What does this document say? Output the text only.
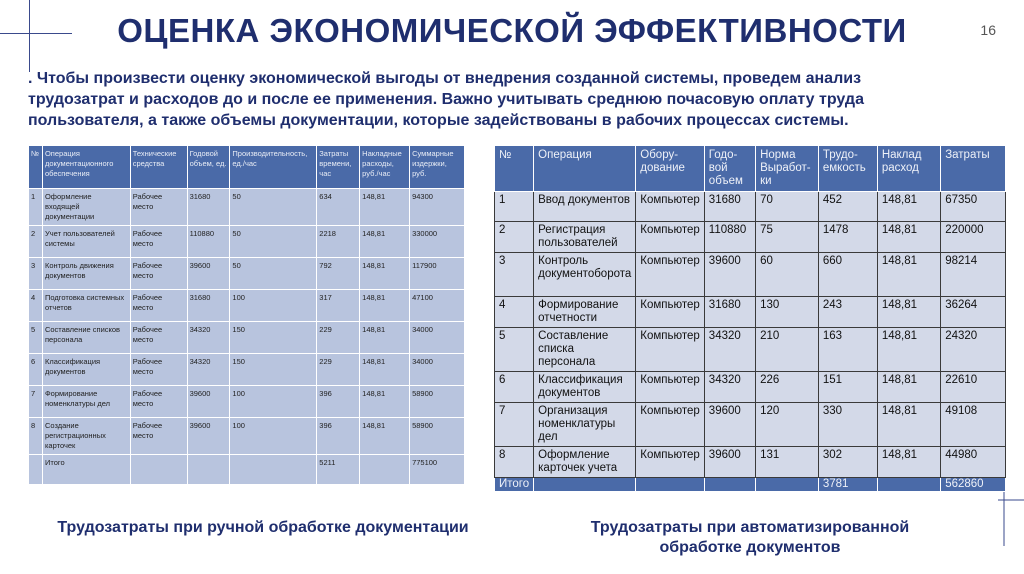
ОЦЕНКА ЭКОНОМИЧЕСКОЙ ЭФФЕКТИВНОСТИ	16
. Чтобы произвести оценку экономической выгоды от внедрения созданной системы, проведем анализ трудозатрат и расходов до и после ее применения. Важно учитывать среднюю почасовую оплату труда пользователя, а также объемы документации, которые задействованы в рабочих процессах системы.
№	Операция документационного обеспечения	Технические средства	Годовой объем, ед.	Производительность, ед./час	Затраты времени, час	Накладные расходы, руб./час	Суммарные издержки, руб.
1	Оформление входящей документации	Рабочее место	31680	50	634	148,81	94300
2	Учет пользователей системы	Рабочее место	110880	50	2218	148,81	330000
3	Контроль движения документов	Рабочее место	39600	50	792	148,81	117900
4	Подготовка системных отчетов	Рабочее место	31680	100	317	148,81	47100
5	Составление списков персонала	Рабочее место	34320	150	229	148,81	34000
6	Классификация документов	Рабочее место	34320	150	229	148,81	34000
7	Формирование номенклатуры дел	Рабочее место	39600	100	396	148,81	58900
8	Создание регистрационных карточек	Рабочее место	39600	100	396	148,81	58900
	Итого				5211		775100
№	Операция	Обору-дование	Годо-вой объем	Норма Выработ-ки	Трудо-емкость	Наклад расход	Затраты
1	Ввод документов	Компьютер	31680	70	452	148,81	67350
2	Регистрация пользователей	Компьютер	110880	75	1478	148,81	220000
3	Контроль документоборота	Компьютер	39600	60	660	148,81	98214
4	Формирование отчетности	Компьютер	31680	130	243	148,81	36264
5	Составление списка персонала	Компьютер	34320	210	163	148,81	24320
6	Классификация документов	Компьютер	34320	226	151	148,81	22610
7	Организация номенклатуры дел	Компьютер	39600	120	330	148,81	49108
8	Оформление карточек учета	Компьютер	39600	131	302	148,81	44980
Итого					3781		562860
Трудозатраты при ручной обработке документации	Трудозатраты при автоматизированной обработке документов
